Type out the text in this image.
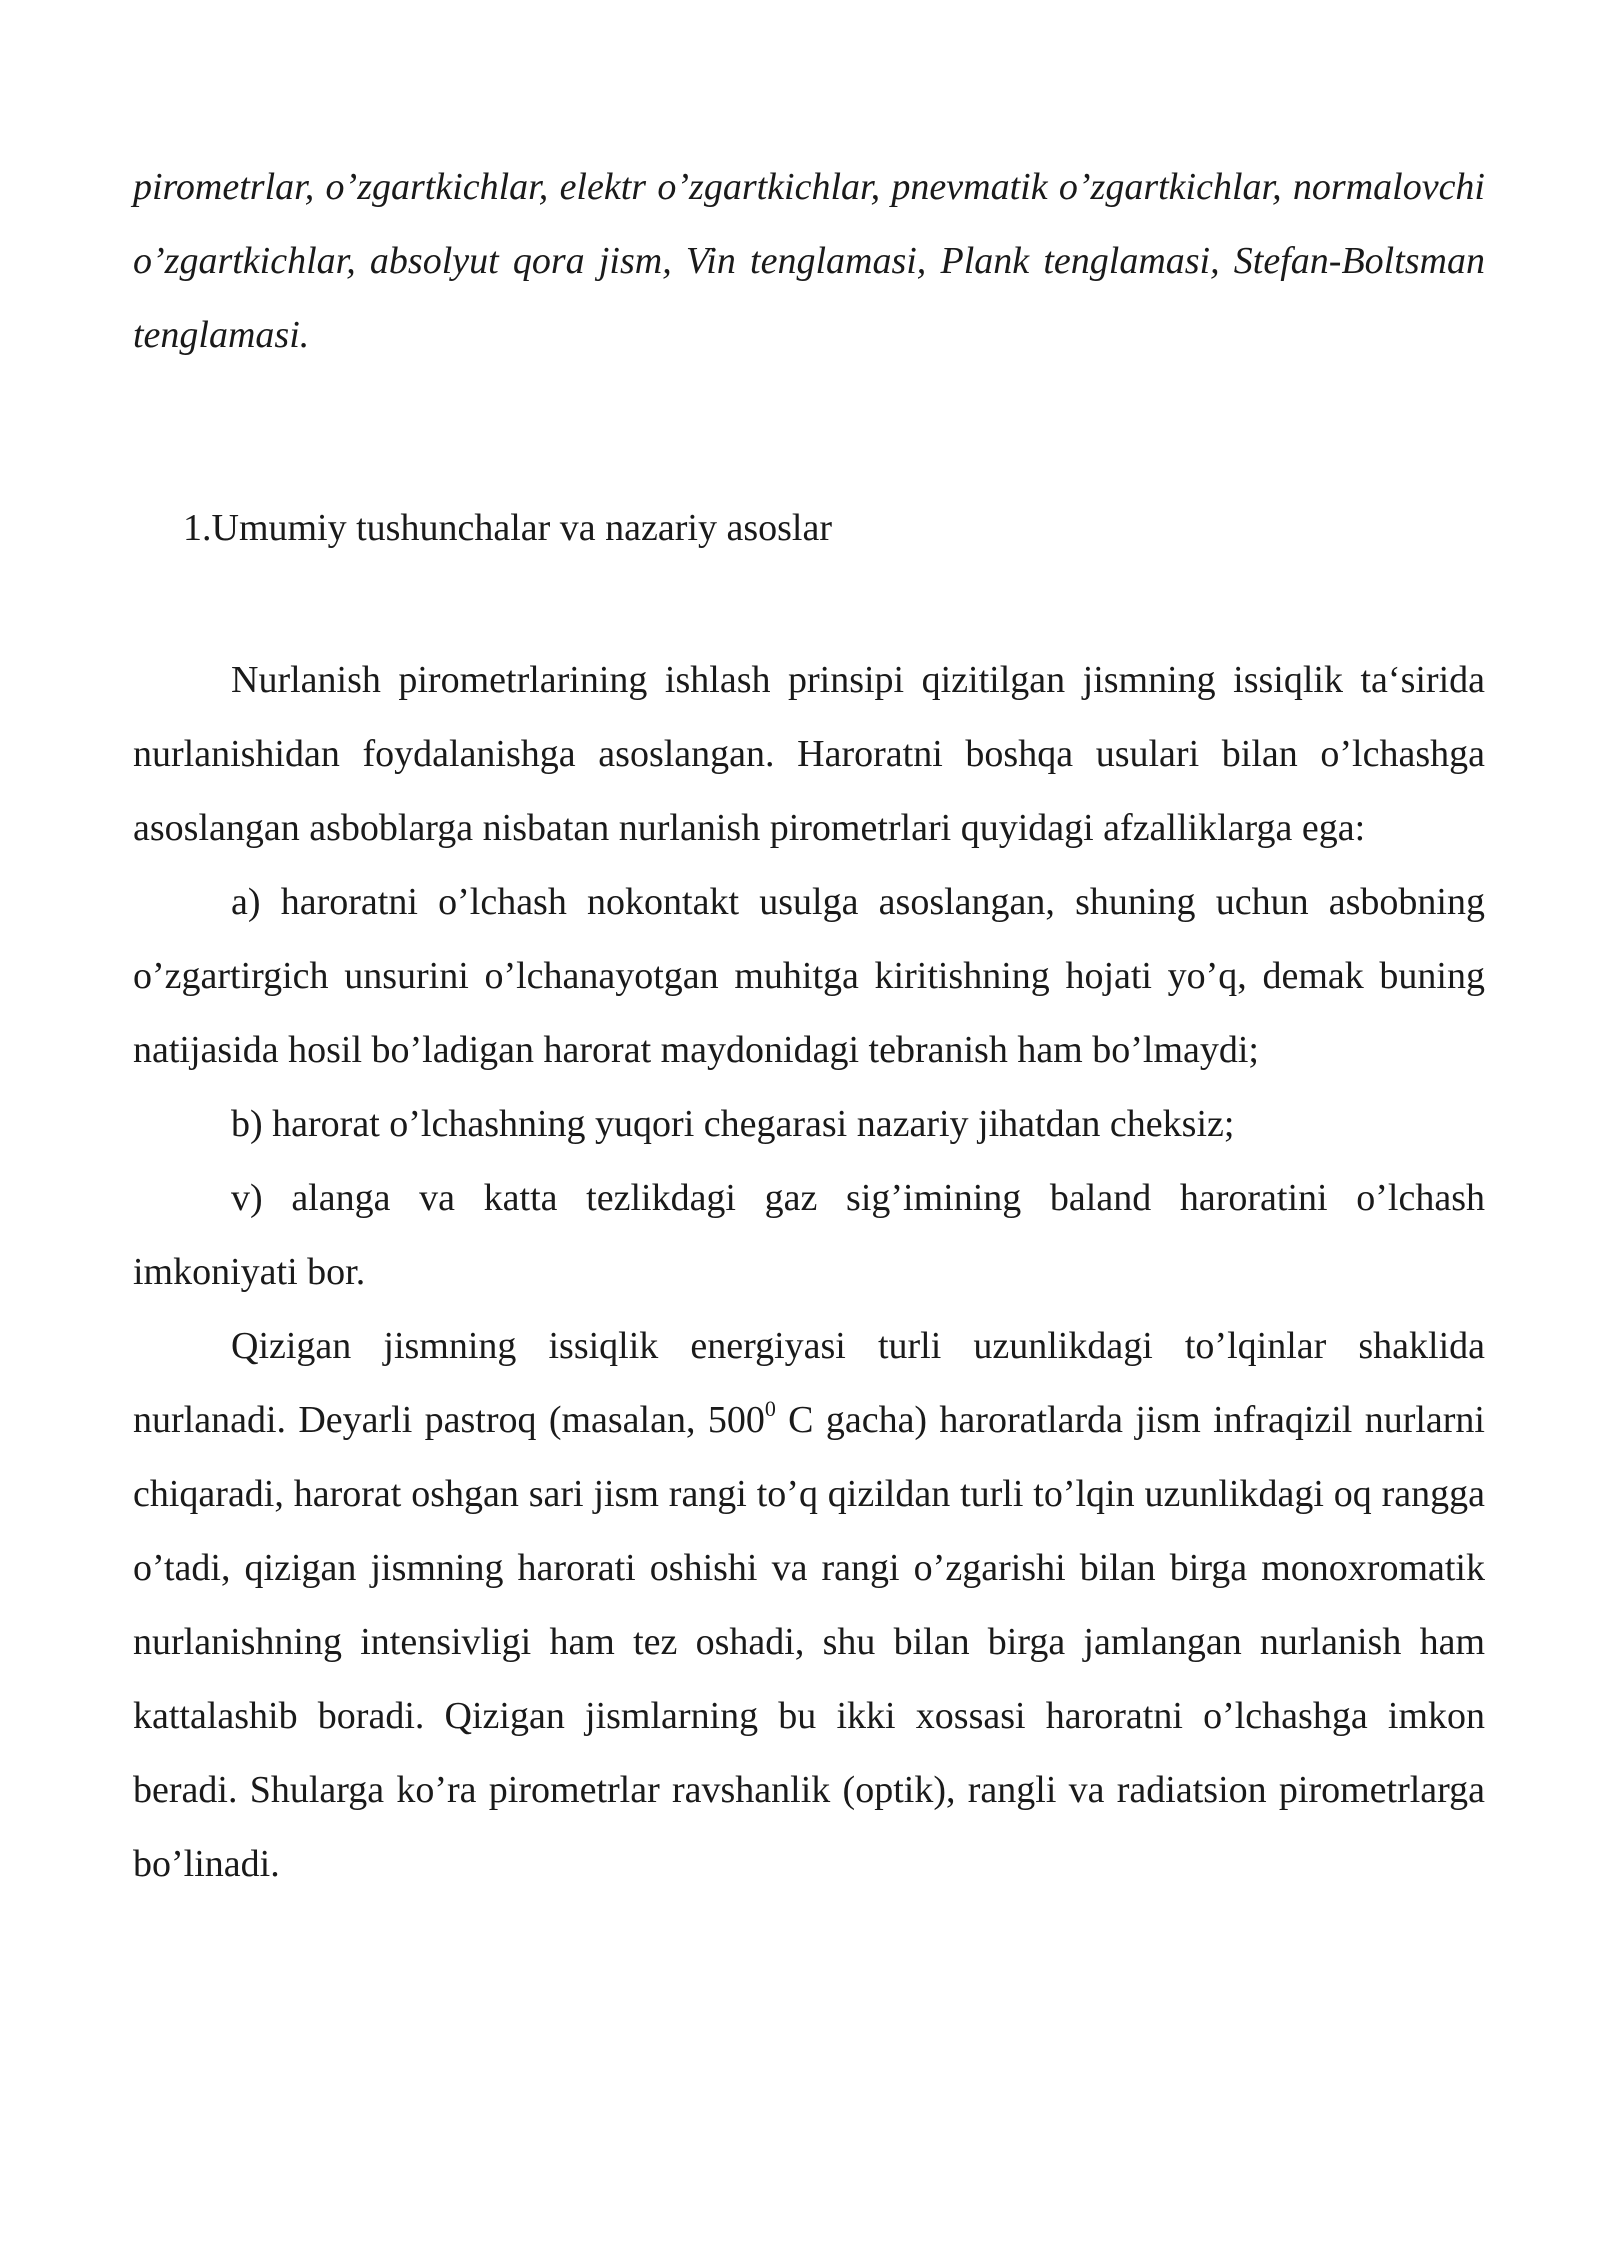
pirometrlar, o’zgartkichlar, elektr o’zgartkichlar, pnevmatik o’zgartkichlar, normalovchi o’zgartkichlar, absolyut qora jism, Vin tenglamasi, Plank tenglamasi, Stefan-Boltsman tenglamasi.

1.Umumiy tushunchalar va nazariy asoslar

Nurlanish pirometrlarining ishlash prinsipi qizitilgan jismning issiqlik ta‘sirida nurlanishidan foydalanishga asoslangan. Haroratni boshqa usulari bilan o’lchashga asoslangan asboblarga nisbatan nurlanish pirometrlari quyidagi afzalliklarga ega:

a) haroratni o’lchash nokontakt usulga asoslangan, shuning uchun asbobning o’zgartirgich unsurini o’lchanayotgan muhitga kiritishning hojati yo’q, demak buning natijasida hosil bo’ladigan harorat maydonidagi tebranish ham bo’lmaydi;

b) harorat o’lchashning yuqori chegarasi nazariy jihatdan cheksiz;

v) alanga va katta tezlikdagi gaz sig’imining baland haroratini o’lchash imkoniyati bor.

Qizigan jismning issiqlik energiyasi turli uzunlikdagi to’lqinlar shaklida nurlanadi. Deyarli pastroq (masalan, $500^0$ C gacha) haroratlarda jism infraqizil nurlarni chiqaradi, harorat oshgan sari jism rangi to’q qizildan turli to’lqin uzunlikdagi oq rangga o’tadi, qizigan jismning harorati oshishi va rangi o’zgarishi bilan birga monoxromatik nurlanishning intensivligi ham tez oshadi, shu bilan birga jamlangan nurlanish ham kattalashib boradi. Qizigan jismlarning bu ikki xossasi haroratni o’lchashga imkon beradi. Shularga ko’ra pirometrlar ravshanlik (optik), rangli va radiatsion pirometrlarga bo’linadi.
